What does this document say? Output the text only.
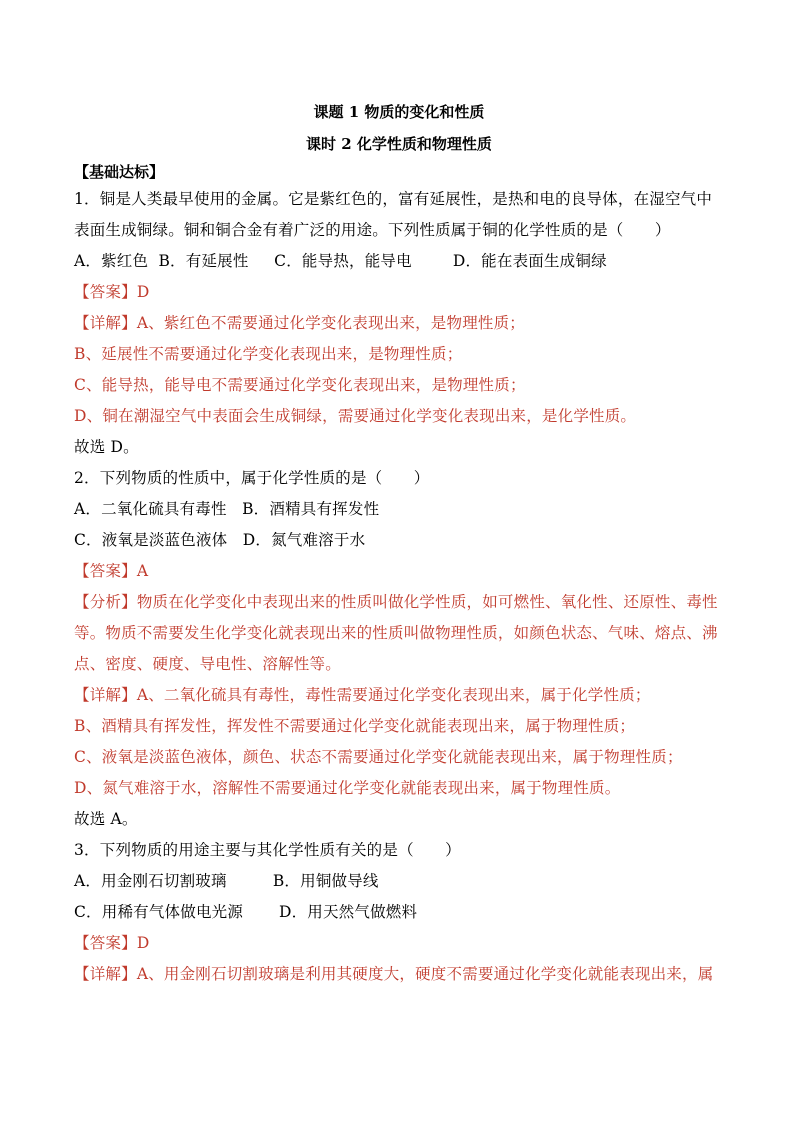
课题 1 物质的变化和性质
课时 2 化学性质和物理性质
【基础达标】
1．铜是人类最早使用的金属。它是紫红色的，富有延展性，是热和电的良导体，在湿空气中
表面生成铜绿。铜和铜合金有着广泛的用途。下列性质属于铜的化学性质的是（　　）
A．紫红色  B．有延展性     C．能导热，能导电        D．能在表面生成铜绿
【答案】D
【详解】A、紫红色不需要通过化学变化表现出来，是物理性质；
B、延展性不需要通过化学变化表现出来，是物理性质；
C、能导热，能导电不需要通过化学变化表现出来，是物理性质；
D、铜在潮湿空气中表面会生成铜绿，需要通过化学变化表现出来，是化学性质。
故选 D。
2．下列物质的性质中，属于化学性质的是（　　）
A．二氧化硫具有毒性   B．酒精具有挥发性
C．液氧是淡蓝色液体   D．氮气难溶于水
【答案】A
【分析】物质在化学变化中表现出来的性质叫做化学性质，如可燃性、氧化性、还原性、毒性
等。物质不需要发生化学变化就表现出来的性质叫做物理性质，如颜色状态、气味、熔点、沸
点、密度、硬度、导电性、溶解性等。
【详解】A、二氧化硫具有毒性，毒性需要通过化学变化表现出来，属于化学性质；
B、酒精具有挥发性，挥发性不需要通过化学变化就能表现出来，属于物理性质；
C、液氧是淡蓝色液体，颜色、状态不需要通过化学变化就能表现出来，属于物理性质；
D、氮气难溶于水，溶解性不需要通过化学变化就能表现出来，属于物理性质。
故选 A。
3．下列物质的用途主要与其化学性质有关的是（　　）
A．用金刚石切割玻璃         B．用铜做导线
C．用稀有气体做电光源       D．用天然气做燃料
【答案】D
【详解】A、用金刚石切割玻璃是利用其硬度大，硬度不需要通过化学变化就能表现出来，属
